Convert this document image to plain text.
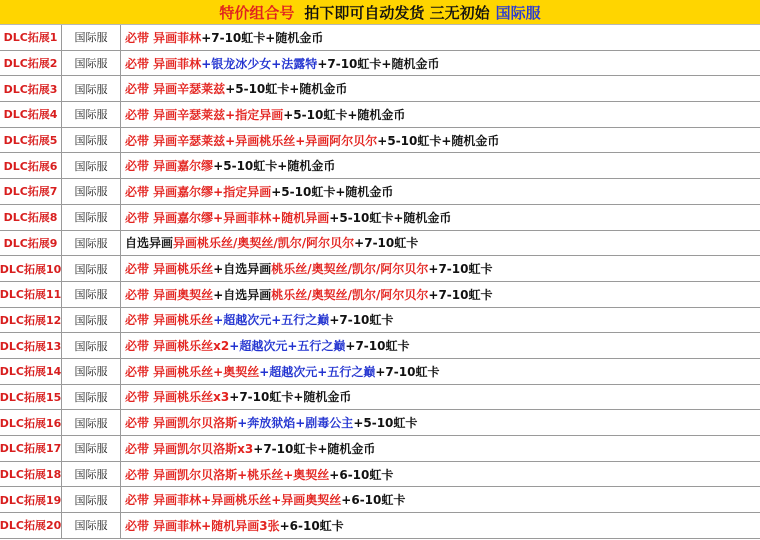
特价组合号 拍下即可自动发货 三无初始 国际服
DLC拓展1	国际服	必带 异画菲林 +7-10虹卡+随机金币
DLC拓展2	国际服	必带 异画菲林 +银龙冰少女+法露特 +7-10虹卡+随机金币
DLC拓展3	国际服	必带 异画辛瑟莱兹 +5-10虹卡+随机金币
DLC拓展4	国际服	必带 异画辛瑟莱兹+指定异画 +5-10虹卡+随机金币
DLC拓展5	国际服	必带 异画辛瑟莱兹+异画桃乐丝+异画阿尔贝尔 +5-10虹卡+随机金币
DLC拓展6	国际服	必带 异画嘉尔缪 +5-10虹卡+随机金币
DLC拓展7	国际服	必带 异画嘉尔缪+指定异画 +5-10虹卡+随机金币
DLC拓展8	国际服	必带 异画嘉尔缪+异画菲林+随机异画 +5-10虹卡+随机金币
DLC拓展9	国际服	自选异画 异画桃乐丝/奥契丝/凯尔/阿尔贝尔 +7-10虹卡
DLC拓展10	国际服	必带 异画桃乐丝 +自选异画 桃乐丝/奥契丝/凯尔/阿尔贝尔 +7-10虹卡
DLC拓展11	国际服	必带 异画奥契丝 +自选异画 桃乐丝/奥契丝/凯尔/阿尔贝尔 +7-10虹卡
DLC拓展12	国际服	必带 异画桃乐丝 +超越次元+五行之巅 +7-10虹卡
DLC拓展13	国际服	必带 异画桃乐丝x2 +超越次元+五行之巅 +7-10虹卡
DLC拓展14	国际服	必带 异画桃乐丝+奥契丝 +超越次元+五行之巅 +7-10虹卡
DLC拓展15	国际服	必带 异画桃乐丝x3 +7-10虹卡+随机金币
DLC拓展16	国际服	必带 异画凯尔贝洛斯 +奔放狱焰+剧毒公主 +5-10虹卡
DLC拓展17	国际服	必带 异画凯尔贝洛斯x3 +7-10虹卡+随机金币
DLC拓展18	国际服	必带 异画凯尔贝洛斯+桃乐丝+奥契丝 +6-10虹卡
DLC拓展19	国际服	必带 异画菲林+异画桃乐丝+异画奥契丝 +6-10虹卡
DLC拓展20	国际服	必带 异画菲林+随机异画3张 +6-10虹卡
